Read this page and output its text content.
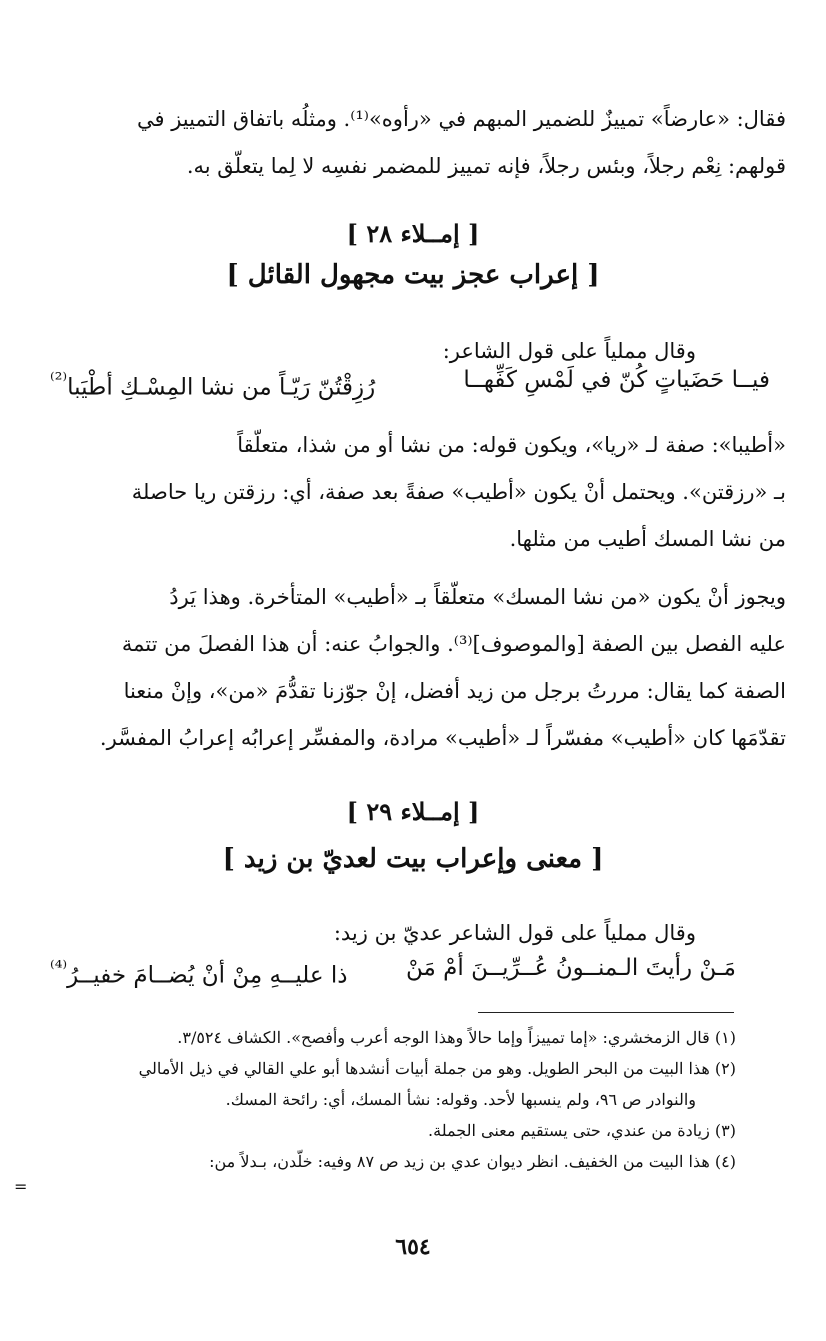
فقال: «عارضاً» تمييزٌ للضمير المبهم في «رأوه»⁽¹⁾. ومثلُه باتفاق التمييز في
قولهم: نِعْم رجلاً، وبئس رجلاً، فإنه تمييز للمضمر نفسِه لا لِما يتعلّق به.

[ إمــلاء ٢٨ ]

[ إعراب عجز بيت مجهول القائل ]

وقال مملياً على قول الشاعر:

فيــا حَضَياتٍ كُنّ في لَمْسِ كَفِّهــا
رُزِقْتُنّ رَيّـاً من نشا المِسْـكِ أطْيَبا$^{^{(2)}}$

«أطيبا»: صفة لـ «ريا»، ويكون قوله: من نشا أو من شذا، متعلّقاً
بـ «رزقتن». ويحتمل أنْ يكون «أطيب» صفةً بعد صفة، أي: رزقتن ريا حاصلة
من نشا المسك أطيب من مثلها.

ويجوز أنْ يكون «من نشا المسك» متعلّقاً بـ «أطيب» المتأخرة. وهذا يَردُ
عليه الفصل بين الصفة [والموصوف]⁽³⁾. والجوابُ عنه: أن هذا الفصلَ من تتمة
الصفة كما يقال: مررتُ برجل من زيد أفضل، إنْ جوّزنا تقدُّمَ «من»، وإنْ منعنا
تقدّمَها كان «أطيب» مفسّراً لـ «أطيب» مرادة، والمفسِّر إعرابُه إعرابُ المفسَّر.

[ إمــلاء ٢٩ ]

[ معنى وإعراب بيت لعديّ بن زيد ]

وقال مملياً على قول الشاعر عديّ بن زيد:

مَـنْ رأيتَ الـمنــونُ عُــرِّيــنَ أمْ مَنْ
ذا عليــهِ مِنْ أنْ يُضــامَ خفيــرُ$^{^{(4)}}$
(١) قال الزمخشري: «إما تمييزاً وإما حالاً وهذا الوجه أعرب وأفصح». الكشاف ٣/٥٢٤.
(٢) هذا البيت من البحر الطويل. وهو من جملة أبيات أنشدها أبو علي القالي في ذيل الأمالي
والنوادر ص ٩٦، ولم ينسبها لأحد. وقوله: نشأ المسك، أي: رائحة المسك.
(٣) زيادة من عندي، حتى يستقيم معنى الجملة.
(٤) هذا البيت من الخفيف. انظر ديوان عدي بن زيد ص ٨٧ وفيه: خلّدن، بـدلاً من:
=
٦٥٤
